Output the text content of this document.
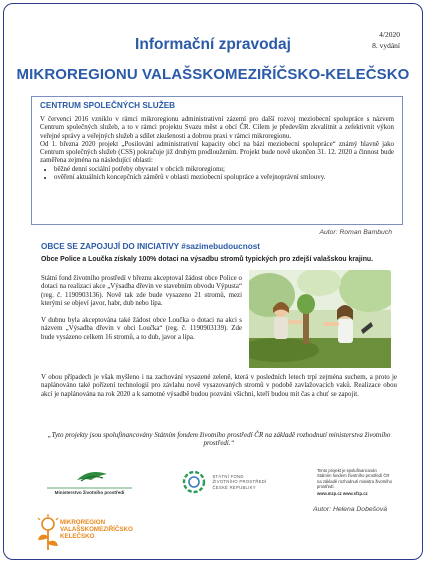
4/2020
8. vydání
Informační zpravodaj
MIKROREGIONU VALAŠSKOMEZIŘÍČSKO-KELEČSKO
CENTRUM SPOLEČNÝCH SLUŽEB

V červenci 2016 vzniklo v rámci mikroregionu administrativní zázemí pro další rozvoj meziobecní spolupráce s názvem Centrum společných služeb, a to v rámci projektu Svazu měst a obcí ČR. Cílem je především zkvalitnit a zefektivnit výkon veřejné správy a veřejných služeb a sdílet zkušenosti a dobrou praxi v rámci mikroregionu.

Od 1. března 2020 projekt „Posilování administrativní kapacity obcí na bázi meziobecní spolupráce“ známý hlavně jako Centrum společných služeb (CSS) pokračuje již druhým prodloužením. Projekt bude nově ukončen 31. 12. 2020 a činnost bude zaměřena zejména na následující oblasti:

• běžné denní sociální potřeby obyvatel v obcích mikroregionu;
• ověření aktuálních koncepčních záměrů v oblasti meziobecní spolupráce a veřejnoprávní smlouvy.
Autor: Roman Bambuch
OBCE SE ZAPOJUJÍ DO INICIATIVY #sazimebudoucnost
Obce Police a Loučka získaly 100% dotaci na výsadbu stromů typických pro zdejší valašskou krajinu.

Státní fond životního prostředí v březnu akceptoval žádost obce Police o dotaci na realizaci akce „Výsadba dřevin ve stavebním obvodu Výpusta“ (reg. č. 1190903136). Nově tak zde bude vysazeno 21 stromů, mezi kterými se objeví javor, habr, dub nebo lípa.

V dubnu byla akceptována také žádost obce Loučka o dotaci na akci s názvem „Výsadba dřevin v obci Loučka“ (reg. č. 1190903139). Zde bude vysázeno celkem 16 stromů, a to dub, javor a lípa.

V obou případech je však myšleno i na zachování vysazené zeleně, která v posledních letech trpí zejména suchem, a proto je naplánováno také pořízení technologií pro závlahu nově vysazovaných stromů v podobě zavlažovacích vaků. Realizace obou akcí je naplánována na rok 2020 a k samotné výsadbě budou pozváni všichni, kteří budou mít čas a chuť se zapojit.

„Tyto projekty jsou spolufinancovány Státním fondem životního prostředí ČR na základě rozhodnutí ministerstva životního prostředí.“
Ministerstvo životního prostředí
STÁTNÍ FOND
ŽIVOTNÍHO PROSTŘEDÍ
ČESKÉ REPUBLIKY
Tento projekt je spolufinancován Státním fondem životního prostředí ČR na základě rozhodnutí ministra životního prostředí.
www.mzp.cz www.sfzp.cz
Autor: Helena Dobešová
MIKROREGION
VALAŠSKOMEZIŘÍČSKO
KELEČSKO
